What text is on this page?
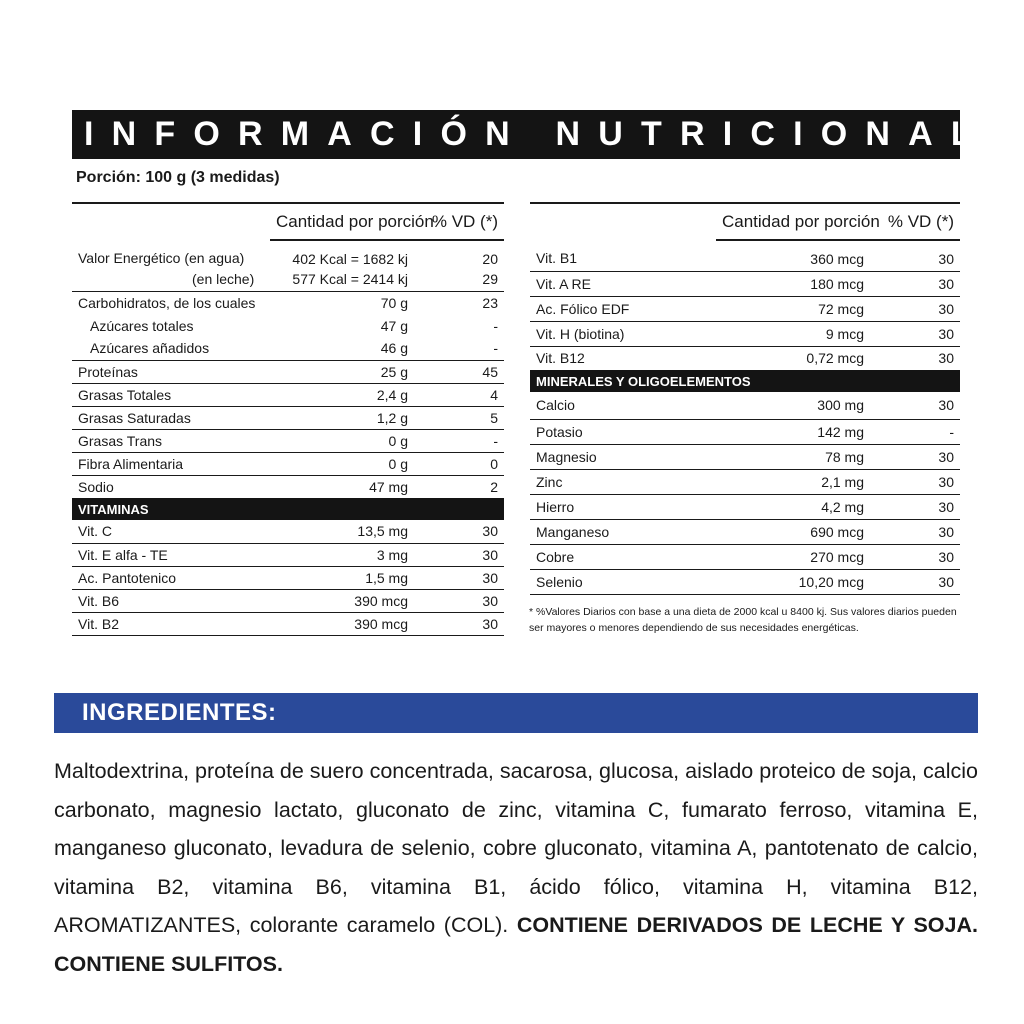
INFORMACIÓN NUTRICIONAL
Porción: 100 g (3 medidas)
	Cantidad por porción	% VD (*)
Valor Energético (en agua)	402 Kcal = 1682 kj	20
(en leche)	577 Kcal = 2414 kj	29
Carbohidratos, de los cuales	70 g	23
Azúcares totales	47 g	-
Azúcares añadidos	46 g	-
Proteínas	25 g	45
Grasas Totales	2,4 g	4
Grasas Saturadas	1,2 g	5
Grasas Trans	0 g	-
Fibra Alimentaria	0 g	0
Sodio	47 mg	2
VITAMINAS		
Vit. C	13,5 mg	30
Vit. E alfa - TE	3 mg	30
Ac. Pantotenico	1,5 mg	30
Vit. B6	390 mcg	30
Vit. B2	390 mcg	30
	Cantidad por porción	% VD (*)
Vit. B1	360 mcg	30
Vit. A RE	180 mcg	30
Ac. Fólico EDF	72 mcg	30
Vit. H (biotina)	9 mcg	30
Vit. B12	0,72 mcg	30
MINERALES Y OLIGOELEMENTOS		
Calcio	300 mg	30
Potasio	142 mg	-
Magnesio	78 mg	30
Zinc	2,1 mg	30
Hierro	4,2 mg	30
Manganeso	690 mcg	30
Cobre	270 mcg	30
Selenio	10,20 mcg	30
* %Valores Diarios con base a una dieta de 2000 kcal u 8400 kj. Sus valores diarios pueden ser mayores o menores dependiendo de sus necesidades energéticas.
INGREDIENTES:
Maltodextrina, proteína de suero concentrada, sacarosa, glucosa, aislado proteico de soja, calcio carbonato, magnesio lactato, gluconato de zinc, vitamina C, fumarato ferroso, vitamina E, manganeso gluconato, levadura de selenio, cobre gluconato, vitamina A, pantotenato de calcio, vitamina B2, vitamina B6, vitamina B1, ácido fólico, vitamina H, vitamina B12, AROMATIZANTES, colorante caramelo (COL). CONTIENE DERIVADOS DE LECHE Y SOJA. CONTIENE SULFITOS.
